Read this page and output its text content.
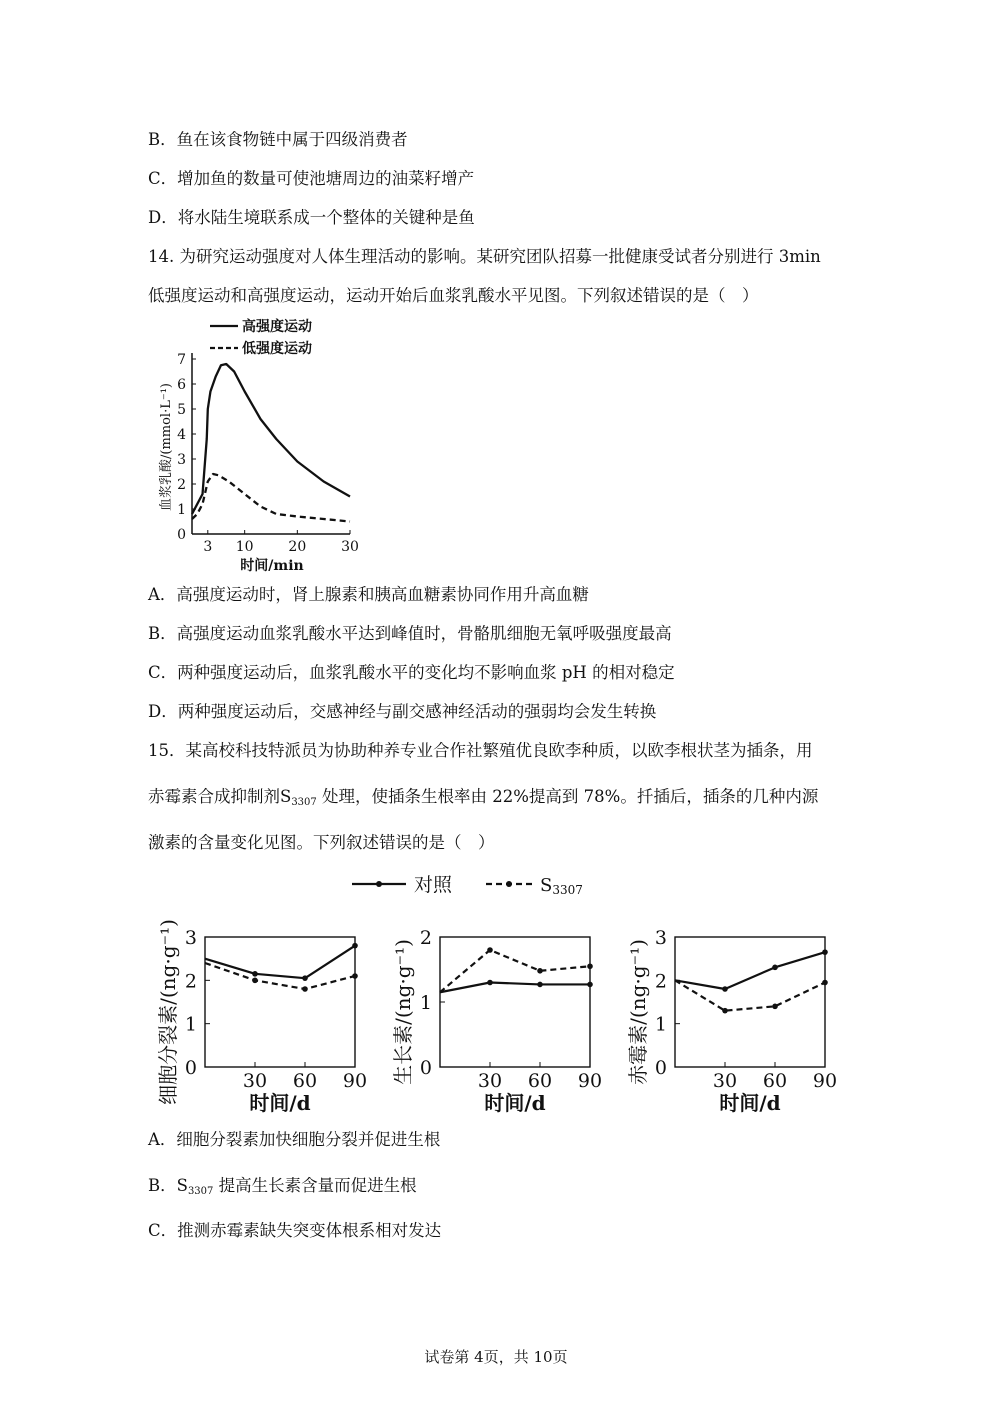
B．鱼在该食物链中属于四级消费者
C．增加鱼的数量可使池塘周边的油菜籽增产
D．将水陆生境联系成一个整体的关键种是鱼
14. 为研究运动强度对人体生理活动的影响。某研究团队招募一批健康受试者分别进行 3min
低强度运动和高强度运动，运动开始后血浆乳酸水平见图。下列叙述错误的是（　）
高强度运动
低强度运动
0
1
2
3
4
5
6
7
3 10 20 30
血浆乳酸/(mmol·L⁻¹)
时间/min
A．高强度运动时，肾上腺素和胰高血糖素协同作用升高血糖
B．高强度运动血浆乳酸水平达到峰值时，骨骼肌细胞无氧呼吸强度最高
C．两种强度运动后，血浆乳酸水平的变化均不影响血浆 pH 的相对稳定
D．两种强度运动后，交感神经与副交感神经活动的强弱均会发生转换
15．某高校科技特派员为协助种养专业合作社繁殖优良欧李种质，以欧李根状茎为插条，用
赤霉素合成抑制剂$S_{3307}$ 处理，使插条生根率由 22%提高到 78%。扦插后，插条的几种内源
激素的含量变化见图。下列叙述错误的是（　）
对照	S3307
0
1
2
3
30 60 90
时间/d
细胞分裂素/(ng·g⁻¹)	0
1
2
30 60 90
时间/d
生长素/(ng·g⁻¹)	0
1
2
3
30 60 90
时间/d
赤霉素/(ng·g⁻¹)
A．细胞分裂素加快细胞分裂并促进生根
B．$S_{3307}$ 提高生长素含量而促进生根
C．推测赤霉素缺失突变体根系相对发达
试卷第 4页，共 10页
